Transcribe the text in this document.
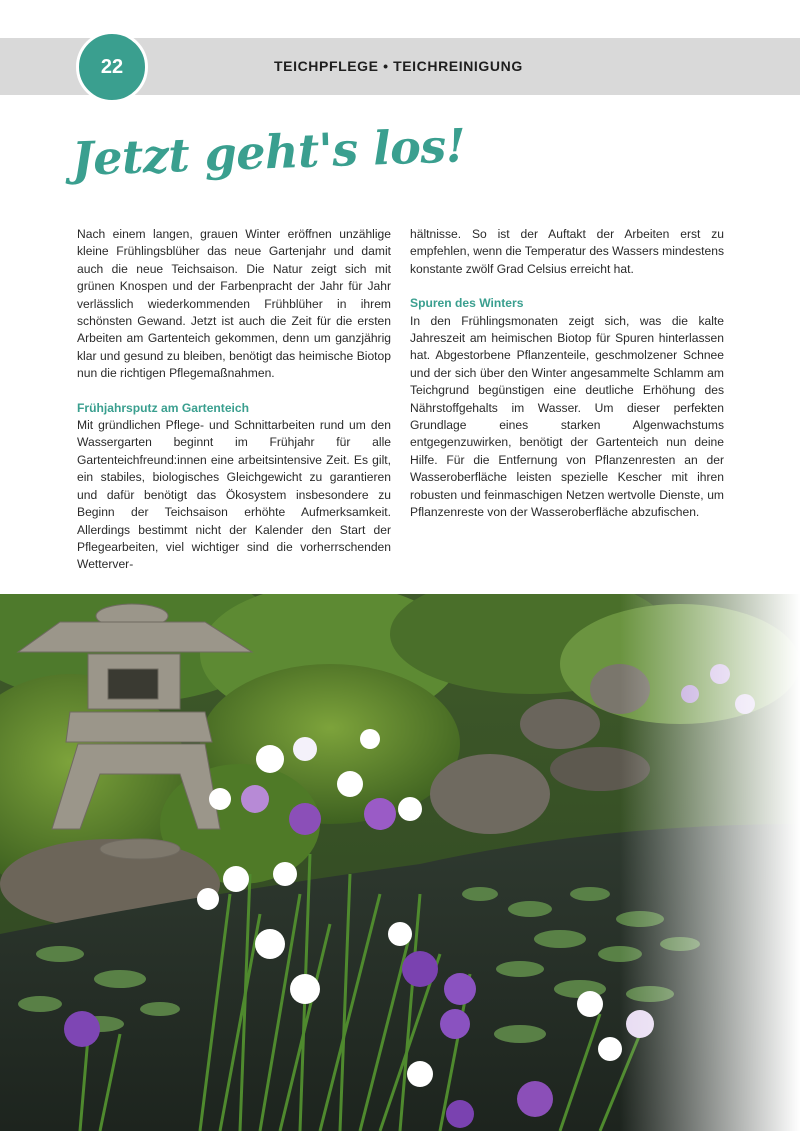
22	TEICHPFLEGE • TEICHREINIGUNG
Jetzt geht's los!

Nach einem langen, grauen Winter eröffnen unzählige kleine Frühlingsblüher das neue Gartenjahr und damit auch die neue Teichsaison. Die Natur zeigt sich mit grünen Knospen und der Farbenpracht der Jahr für Jahr verlässlich wiederkommenden Frühblüher in ihrem schönsten Gewand. Jetzt ist auch die Zeit für die ersten Arbeiten am Gartenteich gekommen, denn um ganzjährig klar und gesund zu bleiben, benötigt das heimische Biotop nun die richtigen Pflegemaßnahmen.

Frühjahrsputz am Gartenteich

Mit gründlichen Pflege- und Schnittarbeiten rund um den Wassergarten beginnt im Frühjahr für alle Gartenteichfreund:innen eine arbeitsintensive Zeit. Es gilt, ein stabiles, biologisches Gleichgewicht zu garantieren und dafür benötigt das Ökosystem insbesondere zu Beginn der Teichsaison erhöhte Aufmerksamkeit. Allerdings bestimmt nicht der Kalender den Start der Pflegearbeiten, viel wichtiger sind die vorherrschenden Wetterver-

hältnisse. So ist der Auftakt der Arbeiten erst zu empfehlen, wenn die Temperatur des Wassers mindestens konstante zwölf Grad Celsius erreicht hat.

Spuren des Winters

In den Frühlingsmonaten zeigt sich, was die kalte Jahreszeit am heimischen Biotop für Spuren hinterlassen hat. Abgestorbene Pflanzenteile, geschmolzener Schnee und der sich über den Winter angesammelte Schlamm am Teichgrund begünstigen eine deutliche Erhöhung des Nährstoffgehalts im Wasser. Um dieser perfekten Grundlage eines starken Algenwachstums entgegenzuwirken, benötigt der Gartenteich nun deine Hilfe. Für die Entfernung von Pflanzenresten an der Wasseroberfläche leisten spezielle Kescher mit ihren robusten und feinmaschigen Netzen wertvolle Dienste, um Pflanzenreste von der Wasseroberfläche abzufischen.
